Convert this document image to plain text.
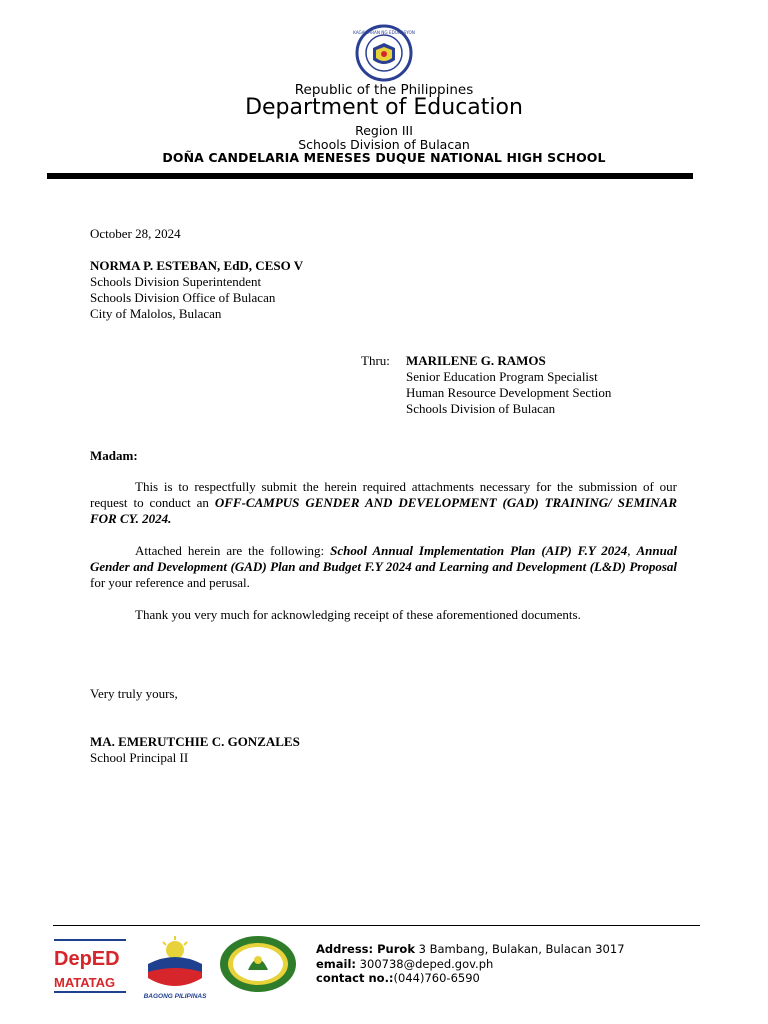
KAGAWARAN NG EDUKASYON
Republic of the Philippines
Department of Education
Region III
Schools Division of Bulacan
DOÑA CANDELARIA MENESES DUQUE NATIONAL HIGH SCHOOL
October 28, 2024
NORMA P. ESTEBAN, EdD, CESO V
Schools Division Superintendent
Schools Division Office of Bulacan
City of Malolos, Bulacan
Thru: MARILENE G. RAMOS
Senior Education Program Specialist
Human Resource Development Section
Schools Division of Bulacan
Madam:
This is to respectfully submit the herein required attachments necessary for the submission of our request to conduct an OFF-CAMPUS GENDER AND DEVELOPMENT (GAD) TRAINING/ SEMINAR FOR CY. 2024.
Attached herein are the following: School Annual Implementation Plan (AIP) F.Y 2024, Annual Gender and Development (GAD) Plan and Budget F.Y 2024 and Learning and Development (L&D) Proposal for your reference and perusal.
Thank you very much for acknowledging receipt of these aforementioned documents.
Very truly yours,
MA. EMERUTCHIE C. GONZALES
School Principal II
DepED
MATATAG
BAGONG PILIPINAS
Address: Purok 3 Bambang, Bulakan, Bulacan 3017
email: 300738@deped.gov.ph
contact no.:(044)760-6590
